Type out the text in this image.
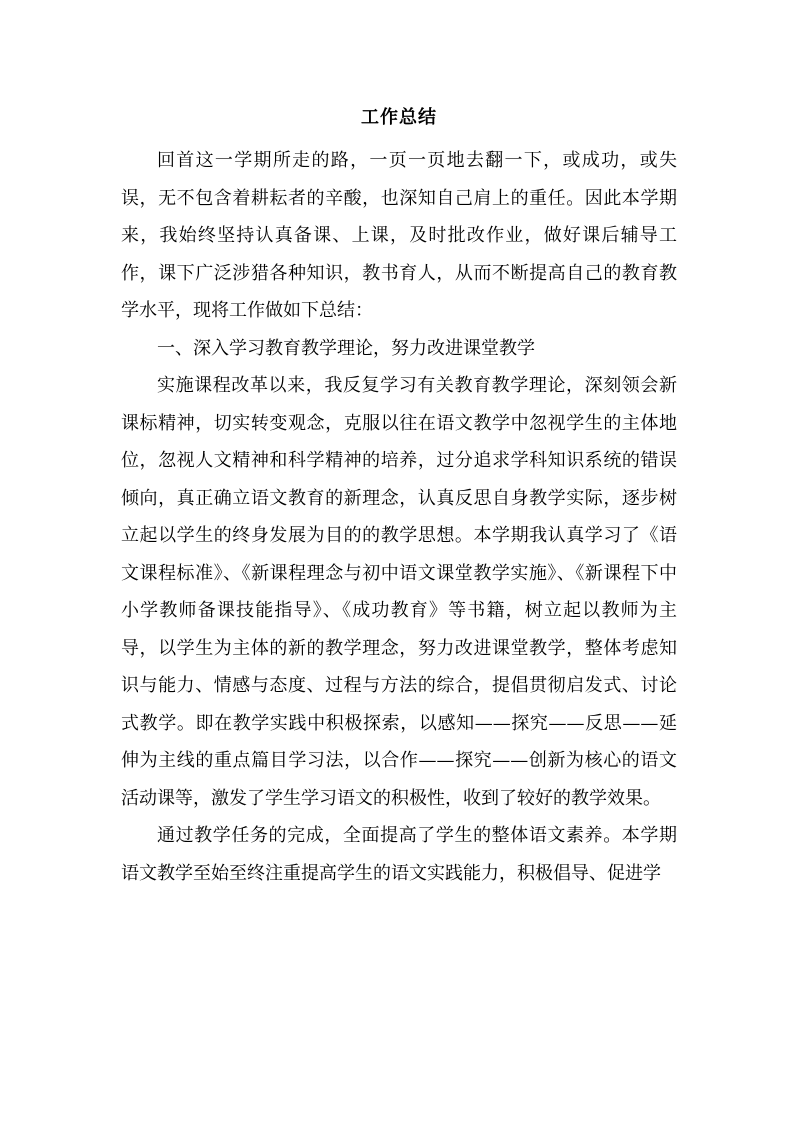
工作总结

回首这一学期所走的路，一页一页地去翻一下，或成功，或失误，无不包含着耕耘者的辛酸，也深知自己肩上的重任。因此本学期来，我始终坚持认真备课、上课，及时批改作业，做好课后辅导工作，课下广泛涉猎各种知识，教书育人，从而不断提高自己的教育教学水平，现将工作做如下总结：

一、深入学习教育教学理论，努力改进课堂教学

实施课程改革以来，我反复学习有关教育教学理论，深刻领会新课标精神，切实转变观念，克服以往在语文教学中忽视学生的主体地位，忽视人文精神和科学精神的培养，过分追求学科知识系统的错误倾向，真正确立语文教育的新理念，认真反思自身教学实际，逐步树立起以学生的终身发展为目的的教学思想。本学期我认真学习了《语文课程标准》、《新课程理念与初中语文课堂教学实施》、《新课程下中小学教师备课技能指导》、《成功教育》等书籍，树立起以教师为主导，以学生为主体的新的教学理念，努力改进课堂教学，整体考虑知识与能力、情感与态度、过程与方法的综合，提倡贯彻启发式、讨论式教学。即在教学实践中积极探索，以感知——探究——反思——延伸为主线的重点篇目学习法，以合作——探究——创新为核心的语文活动课等，激发了学生学习语文的积极性，收到了较好的教学效果。

通过教学任务的完成，全面提高了学生的整体语文素养。本学期语文教学至始至终注重提高学生的语文实践能力，积极倡导、促进学
